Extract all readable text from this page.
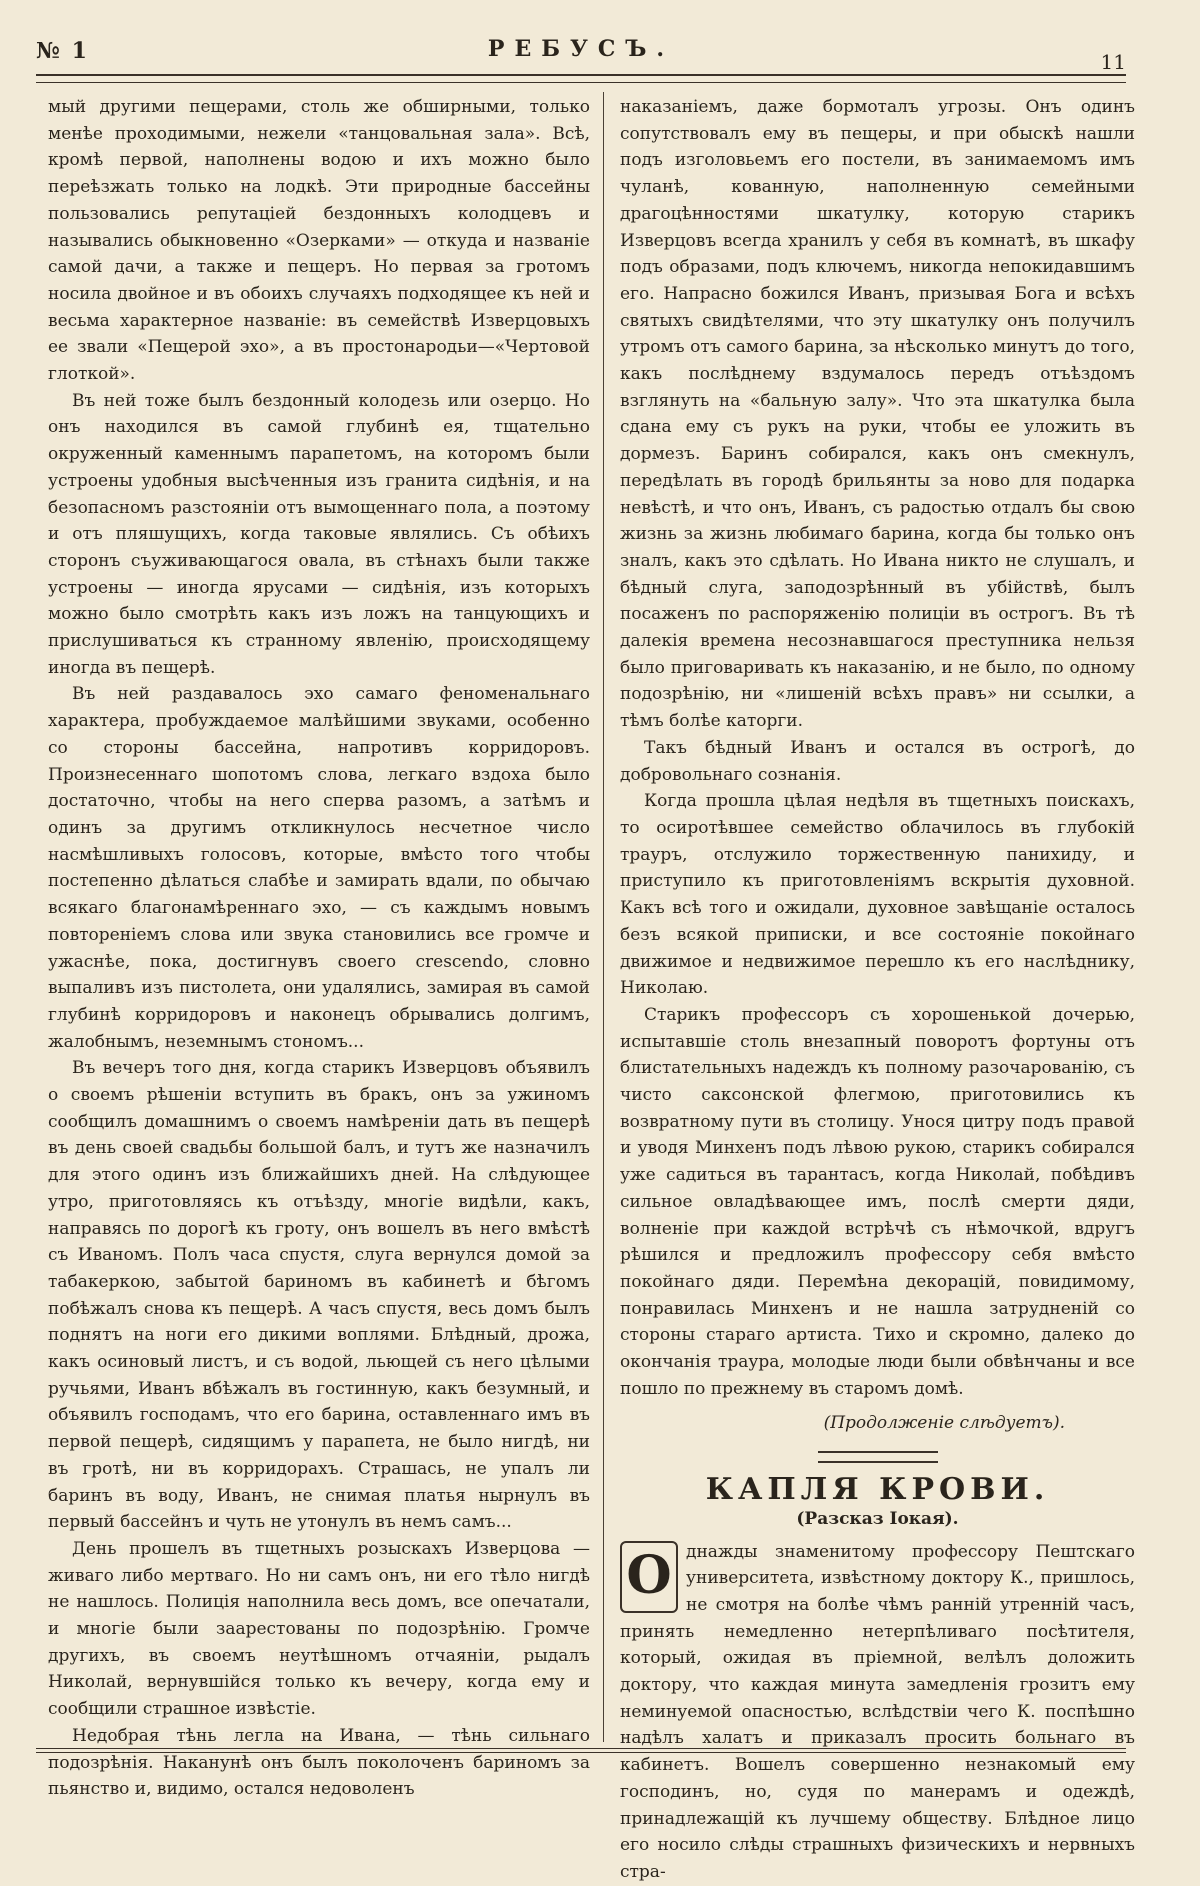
№ 1	РЕБУСЪ.	11

мый другими пещерами, столь же обширными, только менѣе проходимыми, нежели «танцовальная зала». Всѣ, кромѣ первой, наполнены водою и ихъ можно было переѣзжать только на лодкѣ. Эти природные бассейны пользовались репутаціей бездонныхъ колодцевъ и назывались обыкновенно «Озерками» — откуда и названіе самой дачи, а также и пещеръ. Но первая за гротомъ носила двойное и въ обоихъ случаяхъ подходящее къ ней и весьма характерное названіе: въ семействѣ Изверцовыхъ ее звали «Пещерой эхо», а въ простонародьи—«Чертовой глоткой».

Въ ней тоже былъ бездонный колодезь или озерцо. Но онъ находился въ самой глубинѣ ея, тщательно окруженный каменнымъ парапетомъ, на которомъ были устроены удобныя высѣченныя изъ гранита сидѣнія, и на безопасномъ разстояніи отъ вымощеннаго пола, а поэтому и отъ пляшущихъ, когда таковые являлись. Съ обѣихъ сторонъ съуживающагося овала, въ стѣнахъ были также устроены — иногда ярусами — сидѣнія, изъ которыхъ можно было смотрѣть какъ изъ ложъ на танцующихъ и прислушиваться къ странному явленію, происходящему иногда въ пещерѣ.

Въ ней раздавалось эхо самаго феноменальнаго характера, пробуждаемое малѣйшими звуками, особенно со стороны бассейна, напротивъ корридоровъ. Произнесеннаго шопотомъ слова, легкаго вздоха было достаточно, чтобы на него сперва разомъ, а затѣмъ и одинъ за другимъ откликнулось несчетное число насмѣшливыхъ голосовъ, которые, вмѣсто того чтобы постепенно дѣлаться слабѣе и замирать вдали, по обычаю всякаго благонамѣреннаго эхо, — съ каждымъ новымъ повтореніемъ слова или звука становились все громче и ужаснѣе, пока, достигнувъ своего crescendo, словно выпаливъ изъ пистолета, они удалялись, замирая въ самой глубинѣ корридоровъ и наконецъ обрывались долгимъ, жалобнымъ, неземнымъ стономъ...

Въ вечеръ того дня, когда старикъ Изверцовъ объявилъ о своемъ рѣшеніи вступить въ бракъ, онъ за ужиномъ сообщилъ домашнимъ о своемъ намѣреніи дать въ пещерѣ въ день своей свадьбы большой балъ, и тутъ же назначилъ для этого одинъ изъ ближайшихъ дней. На слѣдующее утро, приготовляясь къ отъѣзду, многіе видѣли, какъ, направясь по дорогѣ къ гроту, онъ вошелъ въ него вмѣстѣ съ Иваномъ. Полъ часа спустя, слуга вернулся домой за табакеркою, забытой бариномъ въ кабинетѣ и бѣгомъ побѣжалъ снова къ пещерѣ. А часъ спустя, весь домъ былъ поднятъ на ноги его дикими воплями. Блѣдный, дрожа, какъ осиновый листъ, и съ водой, льющей съ него цѣлыми ручьями, Иванъ вбѣжалъ въ гостинную, какъ безумный, и объявилъ господамъ, что его барина, оставленнаго имъ въ первой пещерѣ, сидящимъ у парапета, не было нигдѣ, ни въ гротѣ, ни въ корридорахъ. Страшась, не упалъ ли баринъ въ воду, Иванъ, не снимая платья нырнулъ въ первый бассейнъ и чуть не утонулъ въ немъ самъ...

День прошелъ въ тщетныхъ розыскахъ Изверцова — живаго либо мертваго. Но ни самъ онъ, ни его тѣло нигдѣ не нашлось. Полиція наполнила весь домъ, все опечатали, и многіе были заарестованы по подозрѣнію. Громче другихъ, въ своемъ неутѣшномъ отчаяніи, рыдалъ Николай, вернувшійся только къ вечеру, когда ему и сообщили страшное извѣстіе.

Недобрая тѣнь легла на Ивана, — тѣнь сильнаго подозрѣнія. Наканунѣ онъ былъ поколоченъ бариномъ за пьянство и, видимо, остался недоволенъ

наказаніемъ, даже бормоталъ угрозы. Онъ одинъ сопутствовалъ ему въ пещеры, и при обыскѣ нашли подъ изголовьемъ его постели, въ занимаемомъ имъ чуланѣ, кованную, наполненную семейными драгоцѣнностями шкатулку, которую старикъ Изверцовъ всегда хранилъ у себя въ комнатѣ, въ шкафу подъ образами, подъ ключемъ, никогда непокидавшимъ его. Напрасно божился Иванъ, призывая Бога и всѣхъ святыхъ свидѣтелями, что эту шкатулку онъ получилъ утромъ отъ самого барина, за нѣсколько минутъ до того, какъ послѣднему вздумалось передъ отъѣздомъ взглянуть на «бальную залу». Что эта шкатулка была сдана ему съ рукъ на руки, чтобы ее уложить въ дормезъ. Баринъ собирался, какъ онъ смекнулъ, передѣлать въ городѣ брильянты за ново для подарка невѣстѣ, и что онъ, Иванъ, съ радостью отдалъ бы свою жизнь за жизнь любимаго барина, когда бы только онъ зналъ, какъ это сдѣлать. Но Ивана никто не слушалъ, и бѣдный слуга, заподозрѣнный въ убійствѣ, былъ посаженъ по распоряженію полиціи въ острогъ. Въ тѣ далекія времена несознавшагося преступника нельзя было приговаривать къ наказанію, и не было, по одному подозрѣнію, ни «лишеній всѣхъ правъ» ни ссылки, а тѣмъ болѣе каторги.

Такъ бѣдный Иванъ и остался въ острогѣ, до добровольнаго сознанія.

Когда прошла цѣлая недѣля въ тщетныхъ поискахъ, то осиротѣвшее семейство облачилось въ глубокій трауръ, отслужило торжественную панихиду, и приступило къ приготовленіямъ вскрытія духовной. Какъ всѣ того и ожидали, духовное завѣщаніе осталось безъ всякой приписки, и все состояніе покойнаго движимое и недвижимое перешло къ его наслѣднику, Николаю.

Старикъ профессоръ съ хорошенькой дочерью, испытавшіе столь внезапный поворотъ фортуны отъ блистательныхъ надеждъ къ полному разочарованію, съ чисто саксонской флегмою, приготовились къ возвратному пути въ столицу. Унося цитру подъ правой и уводя Минхенъ подъ лѣвою рукою, старикъ собирался уже садиться въ тарантасъ, когда Николай, побѣдивъ сильное овладѣвающее имъ, послѣ смерти дяди, волненіе при каждой встрѣчѣ съ нѣмочкой, вдругъ рѣшился и предложилъ профессору себя вмѣсто покойнаго дяди. Перемѣна декорацій, повидимому, понравилась Минхенъ и не нашла затрудненій со стороны стараго артиста. Тихо и скромно, далеко до окончанія траура, молодые люди были обвѣнчаны и все пошло по прежнему въ старомъ домѣ.

(Продолженіе слѣдуетъ).

КАПЛЯ КРОВИ.
(Разсказ Іокая).

О днажды знаменитому профессору Пештскаго университета, извѣстному доктору К., пришлось, не смотря на болѣе чѣмъ ранній утренній часъ, принять немедленно нетерпѣливаго посѣтителя, который, ожидая въ пріемной, велѣлъ доложить доктору, что каждая минута замедленія грозитъ ему неминуемой опасностью, вслѣдствіи чего К. поспѣшно надѣлъ халатъ и приказалъ просить больнаго въ кабинетъ. Вошелъ совершенно незнакомый ему господинъ, но, судя по манерамъ и одеждѣ, принадлежащій къ лучшему обществу. Блѣдное лицо его носило слѣды страшныхъ физическихъ и нервныхъ стра-
